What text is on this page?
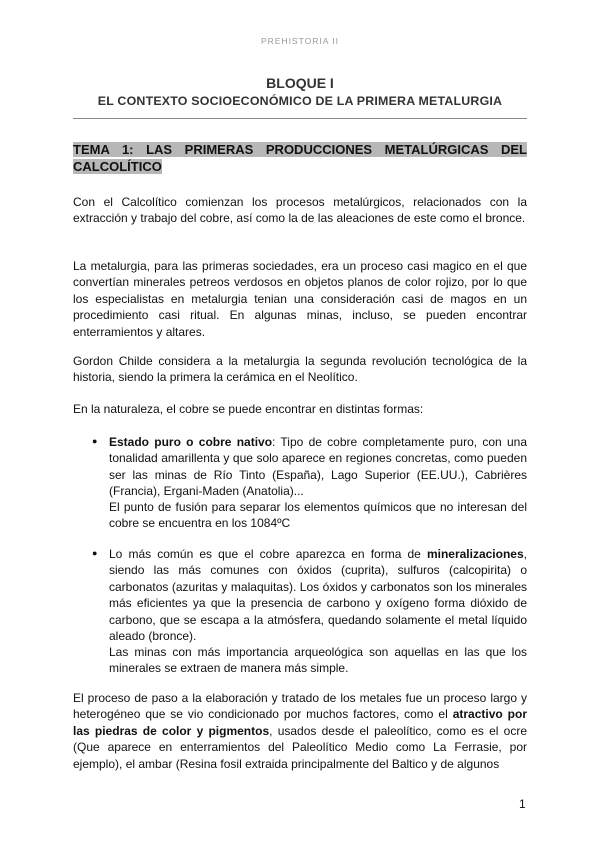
PREHISTORIA II
BLOQUE I
EL CONTEXTO SOCIOECONÓMICO DE LA PRIMERA METALURGIA
TEMA 1: LAS PRIMERAS PRODUCCIONES METALÚRGICAS DEL CALCOLÍTICO
Con el Calcolítico comienzan los procesos metalúrgicos, relacionados con la extracción y trabajo del cobre, así como la de las aleaciones de este como el bronce.
La metalurgia, para las primeras sociedades, era un proceso casi magico en el que convertían minerales petreos verdosos en objetos planos de color rojizo, por lo que los especialistas en metalurgia tenian una consideración casi de magos en un procedimiento casi ritual. En algunas minas, incluso, se pueden encontrar enterramientos y altares.
Gordon Childe considera a la metalurgia la segunda revolución tecnológica de la historia, siendo la primera la cerámica en el Neolítico.
En la naturaleza, el cobre se puede encontrar en distintas formas:
● Estado puro o cobre nativo: Tipo de cobre completamente puro, con una tonalidad amarillenta y que solo aparece en regiones concretas, como pueden ser las minas de Río Tinto (España), Lago Superior (EE.UU.), Cabrières (Francia), Ergani-Maden (Anatolia)...
El punto de fusión para separar los elementos químicos que no interesan del cobre se encuentra en los 1084ºC
● Lo más común es que el cobre aparezca en forma de mineralizaciones, siendo las más comunes con óxidos (cuprita), sulfuros (calcopirita) o carbonatos (azuritas y malaquitas). Los óxidos y carbonatos son los minerales más eficientes ya que la presencia de carbono y oxígeno forma dióxido de carbono, que se escapa a la atmósfera, quedando solamente el metal líquido aleado (bronce).
Las minas con más importancia arqueológica son aquellas en las que los minerales se extraen de manera más simple.
El proceso de paso a la elaboración y tratado de los metales fue un proceso largo y heterogéneo que se vio condicionado por muchos factores, como el atractivo por las piedras de color y pigmentos, usados desde el paleolítico, como es el ocre (Que aparece en enterramientos del Paleolítico Medio como La Ferrasie, por ejemplo), el ambar (Resina fosil extraida principalmente del Baltico y de algunos
1
